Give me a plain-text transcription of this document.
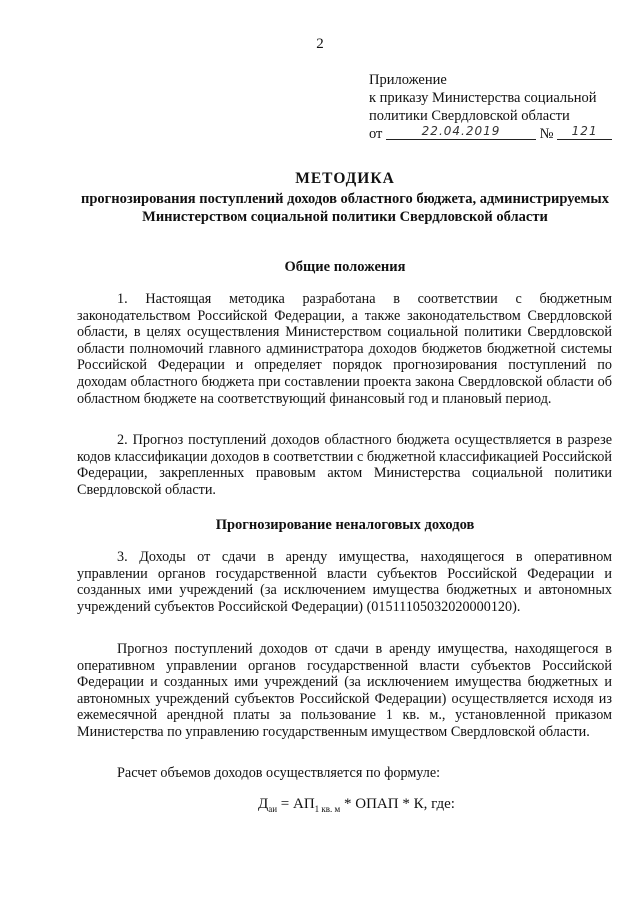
2
Приложение
к приказу Министерства социальной
политики Свердловской области
от	$^{22.04.2019}$	№ $^{121}$
МЕТОДИКА
прогнозирования поступлений доходов областного бюджета, администрируемых Министерством социальной политики Свердловской области
Общие положения
1. Настоящая методика разработана в соответствии с бюджетным законодательством Российской Федерации, а также законодательством Свердловской области, в целях осуществления Министерством социальной политики Свердловской области полномочий главного администратора доходов бюджетов бюджетной системы Российской Федерации и определяет порядок прогнозирования поступлений по доходам областного бюджета при составлении проекта закона Свердловской области об областном бюджете на соответствующий финансовый год и плановый период.
2. Прогноз поступлений доходов областного бюджета осуществляется в разрезе кодов классификации доходов в соответствии с бюджетной классификацией Российской Федерации, закрепленных правовым актом Министерства социальной политики Свердловской области.
Прогнозирование неналоговых доходов
3. Доходы от сдачи в аренду имущества, находящегося в оперативном управлении органов государственной власти субъектов Российской Федерации и созданных ими учреждений (за исключением имущества бюджетных и автономных учреждений субъектов Российской Федерации) (01511105032020000120).
Прогноз поступлений доходов от сдачи в аренду имущества, находящегося в оперативном управлении органов государственной власти субъектов Российской Федерации и созданных ими учреждений (за исключением имущества бюджетных и автономных учреждений субъектов Российской Федерации) осуществляется исходя из ежемесячной арендной платы за пользование 1 кв. м., установленной приказом Министерства по управлению государственным имуществом Свердловской области.
Расчет объемов доходов осуществляется по формуле:
$Д_{аи} = АП_{1 кв. м}$ * ОПАП * К, где:
